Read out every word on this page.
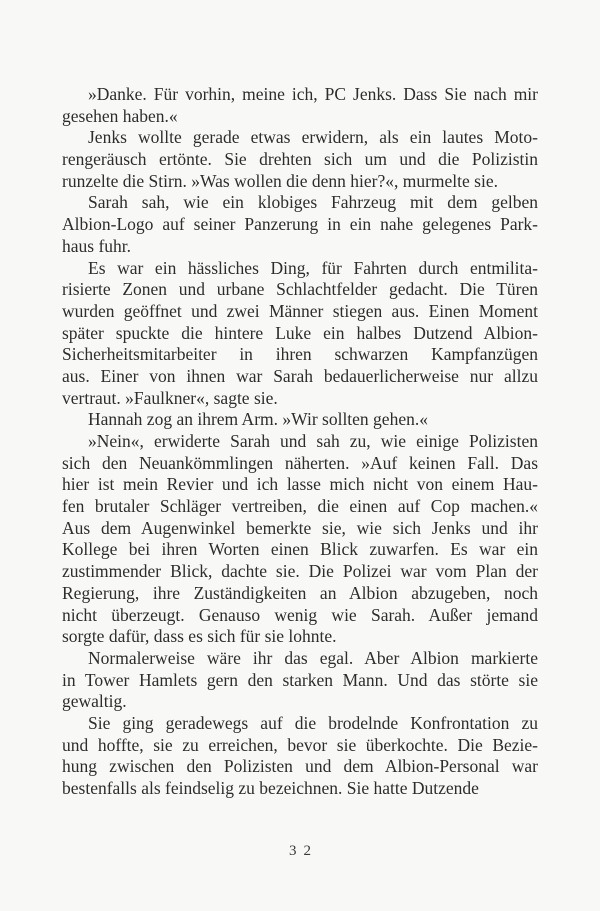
»Danke. Für vorhin, meine ich, PC Jenks. Dass Sie nach mir
gesehen haben.«
Jenks wollte gerade etwas erwidern, als ein lautes Moto-
rengeräusch ertönte. Sie drehten sich um und die Polizistin
runzelte die Stirn. »Was wollen die denn hier?«, murmelte sie.
Sarah sah, wie ein klobiges Fahrzeug mit dem gelben
Albion-Logo auf seiner Panzerung in ein nahe gelegenes Park-
haus fuhr.
Es war ein hässliches Ding, für Fahrten durch entmilita-
risierte Zonen und urbane Schlachtfelder gedacht. Die Türen
wurden geöffnet und zwei Männer stiegen aus. Einen Moment
später spuckte die hintere Luke ein halbes Dutzend Albion-
Sicherheitsmitarbeiter in ihren schwarzen Kampfanzügen
aus. Einer von ihnen war Sarah bedauerlicherweise nur allzu
vertraut. »Faulkner«, sagte sie.
Hannah zog an ihrem Arm. »Wir sollten gehen.«
»Nein«, erwiderte Sarah und sah zu, wie einige Polizisten
sich den Neuankömmlingen näherten. »Auf keinen Fall. Das
hier ist mein Revier und ich lasse mich nicht von einem Hau-
fen brutaler Schläger vertreiben, die einen auf Cop machen.«
Aus dem Augenwinkel bemerkte sie, wie sich Jenks und ihr
Kollege bei ihren Worten einen Blick zuwarfen. Es war ein
zustimmender Blick, dachte sie. Die Polizei war vom Plan der
Regierung, ihre Zuständigkeiten an Albion abzugeben, noch
nicht überzeugt. Genauso wenig wie Sarah. Außer jemand
sorgte dafür, dass es sich für sie lohnte.
Normalerweise wäre ihr das egal. Aber Albion markierte
in Tower Hamlets gern den starken Mann. Und das störte sie
gewaltig.
Sie ging geradewegs auf die brodelnde Konfrontation zu
und hoffte, sie zu erreichen, bevor sie überkochte. Die Bezie-
hung zwischen den Polizisten und dem Albion-Personal war
bestenfalls als feindselig zu bezeichnen. Sie hatte Dutzende
32
